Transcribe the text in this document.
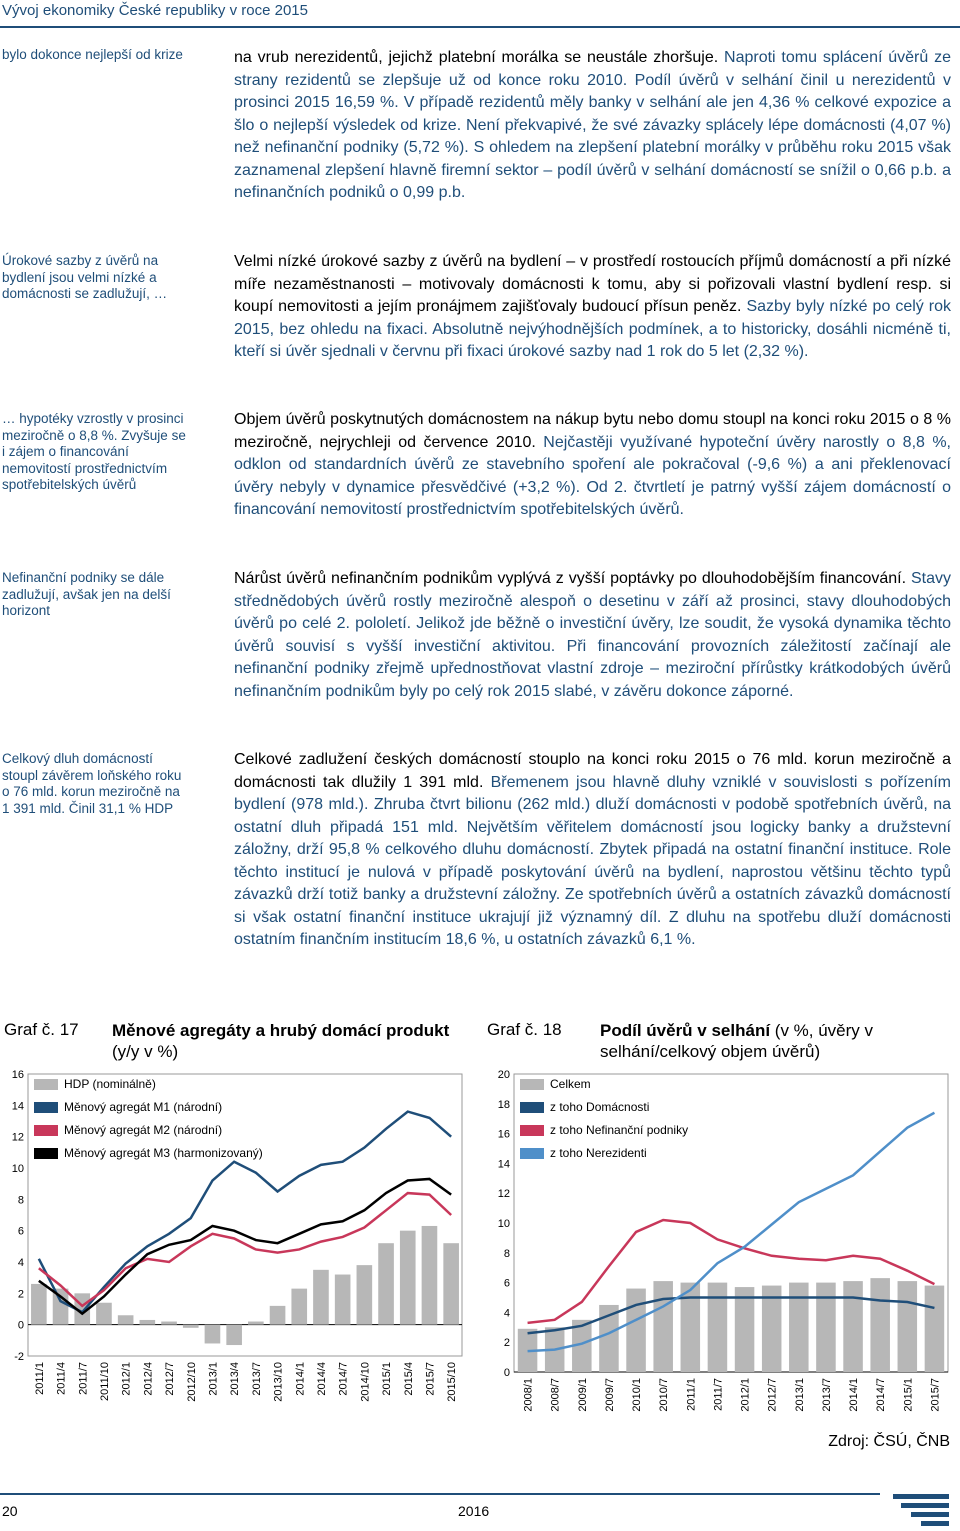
Vývoj ekonomiky České republiky v roce 2015
bylo dokonce nejlepší od krize
Úrokové sazby z úvěrů na bydlení jsou velmi nízké a domácnosti se zadlužují, …
… hypotéky vzrostly v prosinci meziročně o 8,8 %. Zvyšuje se i zájem o financování nemovitostí prostřednictvím spotřebitelských úvěrů
Nefinanční podniky se dále zadlužují, avšak jen na delší horizont
Celkový dluh domácností stoupl závěrem loňského roku o 76 mld. korun meziročně na 1 391 mld. Činil 31,1 % HDP

na vrub nerezidentů, jejichž platební morálka se neustále zhoršuje. Naproti tomu splácení úvěrů ze strany rezidentů se zlepšuje už od konce roku 2010. Podíl úvěrů v selhání činil u nerezidentů v prosinci 2015 16,59 %. V případě rezidentů měly banky v selhání ale jen 4,36 % celkové expozice a šlo o nejlepší výsledek od krize. Není překvapivé, že své závazky splácely lépe domácnosti (4,07 %) než nefinanční podniky (5,72 %). S ohledem na zlepšení platební morálky v průběhu roku 2015 však zaznamenal zlepšení hlavně firemní sektor – podíl úvěrů v selhání domácností se snížil o 0,66 p.b. a nefinančních podniků o 0,99 p.b.

Velmi nízké úrokové sazby z úvěrů na bydlení – v prostředí rostoucích příjmů domácností a při nízké míře nezaměstnanosti – motivovaly domácnosti k tomu, aby si pořizovali vlastní bydlení resp. si koupí nemovitosti a jejím pronájmem zajišťovaly budoucí přísun peněz. Sazby byly nízké po celý rok 2015, bez ohledu na fixaci. Absolutně nejvýhodnějších podmínek, a to historicky, dosáhli nicméně ti, kteří si úvěr sjednali v červnu při fixaci úrokové sazby nad 1 rok do 5 let (2,32 %).

Objem úvěrů poskytnutých domácnostem na nákup bytu nebo domu stoupl na konci roku 2015 o 8 % meziročně, nejrychleji od července 2010. Nejčastěji využívané hypoteční úvěry narostly o 8,8 %, odklon od standardních úvěrů ze stavebního spoření ale pokračoval (-9,6 %) a ani překlenovací úvěry nebyly v dynamice přesvědčivé (+3,2 %). Od 2. čtvrtletí je patrný vyšší zájem domácností o financování nemovitostí prostřednictvím spotřebitelských úvěrů.

Nárůst úvěrů nefinančním podnikům vyplývá z vyšší poptávky po dlouhodobějším financování. Stavy střednědobých úvěrů rostly meziročně alespoň o desetinu v září až prosinci, stavy dlouhodobých úvěrů po celé 2. pololetí. Jelikož jde běžně o investiční úvěry, lze soudit, že vysoká dynamika těchto úvěrů souvisí s vyšší investiční aktivitou. Při financování provozních záležitostí začínají ale nefinanční podniky zřejmě upřednostňovat vlastní zdroje – meziroční přírůstky krátkodobých úvěrů nefinančním podnikům byly po celý rok 2015 slabé, v závěru dokonce záporné.

Celkové zadlužení českých domácností stouplo na konci roku 2015 o 76 mld. korun meziročně a domácnosti tak dlužily 1 391 mld. Břemenem jsou hlavně dluhy vzniklé v souvislosti s pořízením bydlení (978 mld.). Zhruba čtvrt bilionu (262 mld.) dluží domácnosti v podobě spotřebních úvěrů, na ostatní dluh připadá 151 mld. Největším věřitelem domácností jsou logicky banky a družstevní záložny, drží 95,8 % celkového dluhu domácností. Zbytek připadá na ostatní finanční instituce. Role těchto institucí je nulová v případě poskytování úvěrů na bydlení, naprostou většinu těchto typů závazků drží totiž banky a družstevní záložny. Ze spotřebních úvěrů a ostatních závazků domácností si však ostatní finanční instituce ukrajují již významný díl. Z dluhu na spotřebu dluží domácnosti ostatním finančním institucím 18,6 %, u ostatních závazků 6,1 %.

Graf č. 17 Měnové agregáty a hrubý domácí produkt (y/y v %)
Graf č. 18 Podíl úvěrů v selhání (v %, úvěry v selhání/celkový objem úvěrů)
16
14
12
10
8
6
4
2
0
-2
2011/1 2011/4 2011/7 2011/10 2012/1 2012/4 2012/7 2012/10 2013/1 2013/4 2013/7 2013/10 2014/1 2014/4 2014/7 2014/10 2015/1 2015/4 2015/7 2015/10
HDP (nominálně)
Měnový agregát M1 (národní)
Měnový agregát M2 (národní)
Měnový agregát M3 (harmonizovaný)
20
18
16
14
12
10
8
6
4
2
0
2008/1 2008/7 2009/1 2009/7 2010/1 2010/7 2011/1 2011/7 2012/1 2012/7 2013/1 2013/7 2014/1 2014/7 2015/1 2015/7
Celkem
z toho Domácnosti
z toho Nefinanční podniky
z toho Nerezidenti
Zdroj: ČSÚ, ČNB
20	2016
